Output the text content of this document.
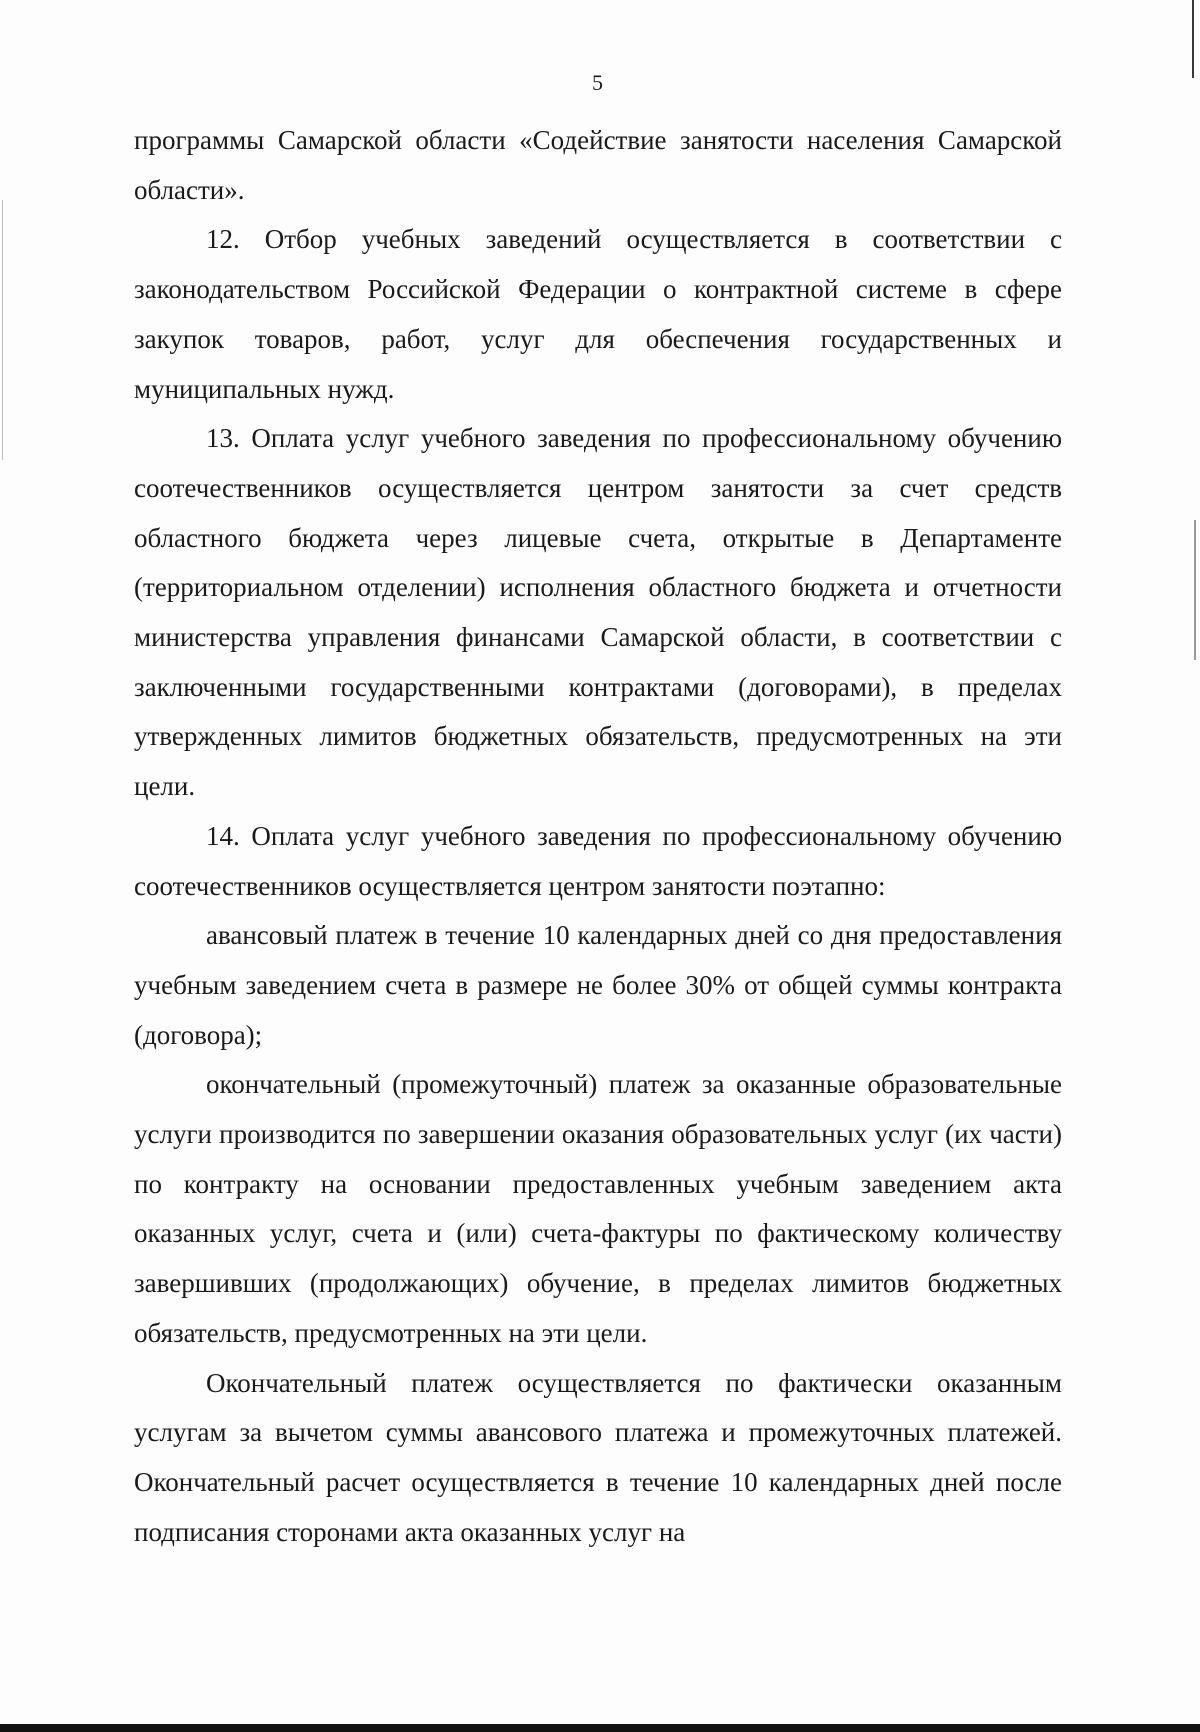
5

программы Самарской области «Содействие занятости населения Самарской области».

12. Отбор учебных заведений осуществляется в соответствии с законодательством Российской Федерации о контрактной системе в сфере закупок товаров, работ, услуг для обеспечения государственных и муниципальных нужд.

13. Оплата услуг учебного заведения по профессиональному обучению соотечественников осуществляется центром занятости за счет средств областного бюджета через лицевые счета, открытые в Департаменте (территориальном отделении) исполнения областного бюджета и отчетности министерства управления финансами Самарской области, в соответствии с заключенными государственными контрактами (договорами), в пределах утвержденных лимитов бюджетных обязательств, предусмотренных на эти цели.

14. Оплата услуг учебного заведения по профессиональному обучению соотечественников осуществляется центром занятости поэтапно:

авансовый платеж в течение 10 календарных дней со дня предоставления учебным заведением счета в размере не более 30% от общей суммы контракта (договора);

окончательный (промежуточный) платеж за оказанные образовательные услуги производится по завершении оказания образовательных услуг (их части) по контракту на основании предоставленных учебным заведением акта оказанных услуг, счета и (или) счета-фактуры по фактическому количеству завершивших (продолжающих) обучение, в пределах лимитов бюджетных обязательств, предусмотренных на эти цели.

Окончательный платеж осуществляется по фактически оказанным услугам за вычетом суммы авансового платежа и промежуточных платежей. Окончательный расчет осуществляется в течение 10 календарных дней после подписания сторонами акта оказанных услуг на
